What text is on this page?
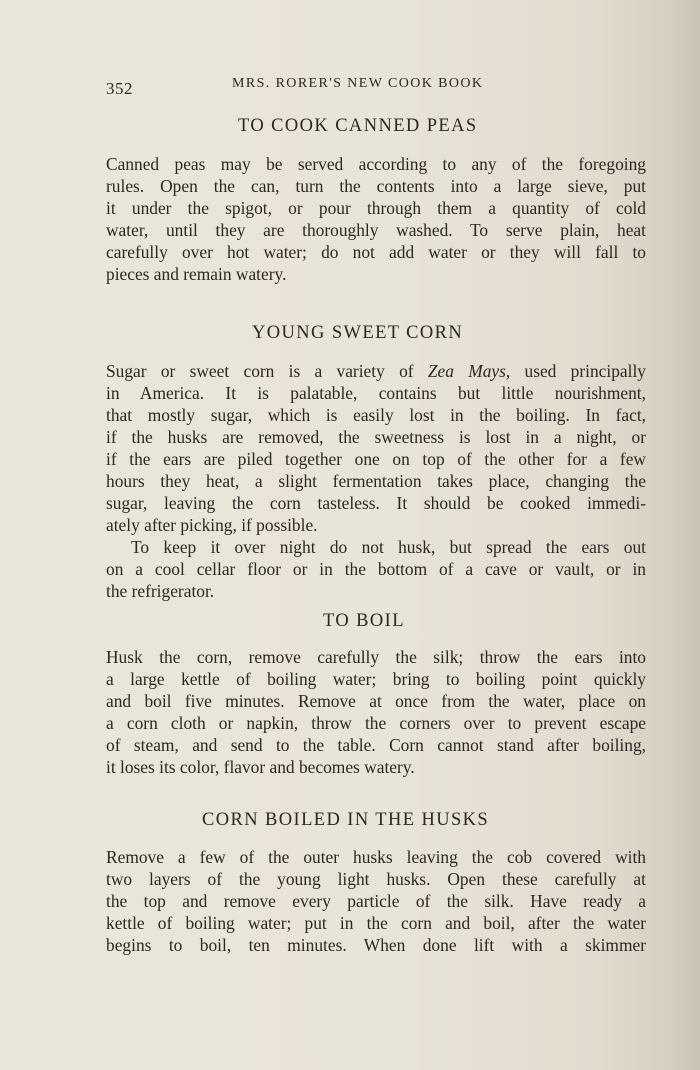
352	MRS. RORER'S NEW COOK BOOK
TO COOK CANNED PEAS
Canned peas may be served according to any of the foregoing
rules. Open the can, turn the contents into a large sieve, put
it under the spigot, or pour through them a quantity of cold
water, until they are thoroughly washed. To serve plain, heat
carefully over hot water; do not add water or they will fall to
pieces and remain watery.
YOUNG SWEET CORN
Sugar or sweet corn is a variety of Zea Mays, used principally
in America. It is palatable, contains but little nourishment,
that mostly sugar, which is easily lost in the boiling. In fact,
if the husks are removed, the sweetness is lost in a night, or
if the ears are piled together one on top of the other for a few
hours they heat, a slight fermentation takes place, changing the
sugar, leaving the corn tasteless. It should be cooked immedi-
ately after picking, if possible.
To keep it over night do not husk, but spread the ears out
on a cool cellar floor or in the bottom of a cave or vault, or in
the refrigerator.
TO BOIL
Husk the corn, remove carefully the silk; throw the ears into
a large kettle of boiling water; bring to boiling point quickly
and boil five minutes. Remove at once from the water, place on
a corn cloth or napkin, throw the corners over to prevent escape
of steam, and send to the table. Corn cannot stand after boiling,
it loses its color, flavor and becomes watery.
CORN BOILED IN THE HUSKS
Remove a few of the outer husks leaving the cob covered with
two layers of the young light husks. Open these carefully at
the top and remove every particle of the silk. Have ready a
kettle of boiling water; put in the corn and boil, after the water
begins to boil, ten minutes. When done lift with a skimmer
